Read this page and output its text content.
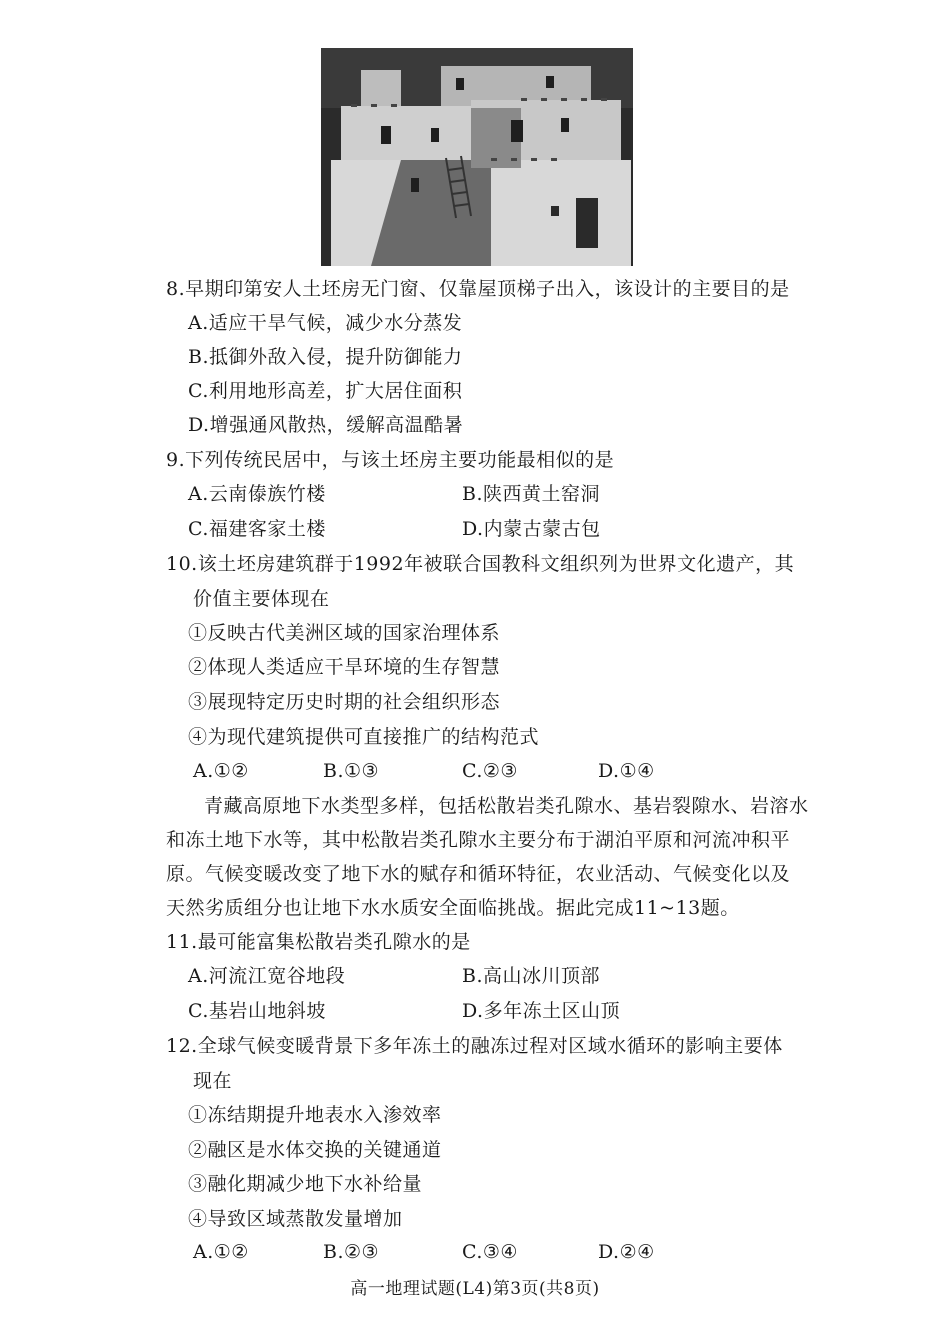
8.早期印第安人土坯房无门窗、仅靠屋顶梯子出入，该设计的主要目的是
A.适应干旱气候，减少水分蒸发
B.抵御外敌入侵，提升防御能力
C.利用地形高差，扩大居住面积
D.增强通风散热，缓解高温酷暑
9.下列传统民居中，与该土坯房主要功能最相似的是
A.云南傣族竹楼	B.陕西黄土窑洞
C.福建客家土楼	D.内蒙古蒙古包
10.该土坯房建筑群于1992年被联合国教科文组织列为世界文化遗产，其
价值主要体现在
①反映古代美洲区域的国家治理体系
②体现人类适应干旱环境的生存智慧
③展现特定历史时期的社会组织形态
④为现代建筑提供可直接推广的结构范式
A.①②	B.①③	C.②③	D.①④
青藏高原地下水类型多样，包括松散岩类孔隙水、基岩裂隙水、岩溶水
和冻土地下水等，其中松散岩类孔隙水主要分布于湖泊平原和河流冲积平
原。气候变暖改变了地下水的赋存和循环特征，农业活动、气候变化以及
天然劣质组分也让地下水水质安全面临挑战。据此完成11~13题。
11.最可能富集松散岩类孔隙水的是
A.河流江宽谷地段	B.高山冰川顶部
C.基岩山地斜坡	D.多年冻土区山顶
12.全球气候变暖背景下多年冻土的融冻过程对区域水循环的影响主要体
现在
①冻结期提升地表水入渗效率
②融区是水体交换的关键通道
③融化期减少地下水补给量
④导致区域蒸散发量增加
A.①②	B.②③	C.③④	D.②④
高一地理试题(L4)第3页(共8页)
